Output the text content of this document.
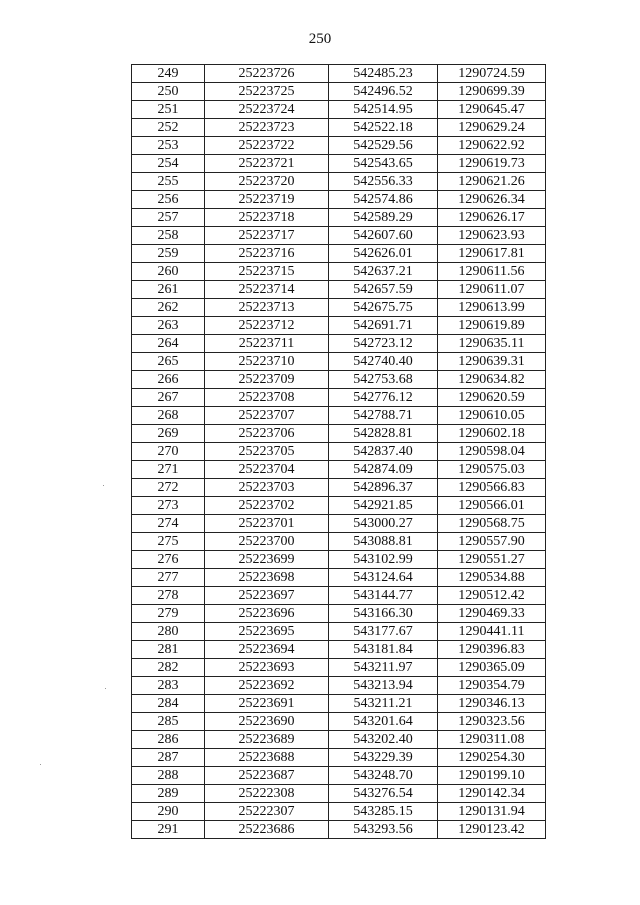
250
249	25223726	542485.23	1290724.59
250	25223725	542496.52	1290699.39
251	25223724	542514.95	1290645.47
252	25223723	542522.18	1290629.24
253	25223722	542529.56	1290622.92
254	25223721	542543.65	1290619.73
255	25223720	542556.33	1290621.26
256	25223719	542574.86	1290626.34
257	25223718	542589.29	1290626.17
258	25223717	542607.60	1290623.93
259	25223716	542626.01	1290617.81
260	25223715	542637.21	1290611.56
261	25223714	542657.59	1290611.07
262	25223713	542675.75	1290613.99
263	25223712	542691.71	1290619.89
264	25223711	542723.12	1290635.11
265	25223710	542740.40	1290639.31
266	25223709	542753.68	1290634.82
267	25223708	542776.12	1290620.59
268	25223707	542788.71	1290610.05
269	25223706	542828.81	1290602.18
270	25223705	542837.40	1290598.04
271	25223704	542874.09	1290575.03
272	25223703	542896.37	1290566.83
273	25223702	542921.85	1290566.01
274	25223701	543000.27	1290568.75
275	25223700	543088.81	1290557.90
276	25223699	543102.99	1290551.27
277	25223698	543124.64	1290534.88
278	25223697	543144.77	1290512.42
279	25223696	543166.30	1290469.33
280	25223695	543177.67	1290441.11
281	25223694	543181.84	1290396.83
282	25223693	543211.97	1290365.09
283	25223692	543213.94	1290354.79
284	25223691	543211.21	1290346.13
285	25223690	543201.64	1290323.56
286	25223689	543202.40	1290311.08
287	25223688	543229.39	1290254.30
288	25223687	543248.70	1290199.10
289	25222308	543276.54	1290142.34
290	25222307	543285.15	1290131.94
291	25223686	543293.56	1290123.42
